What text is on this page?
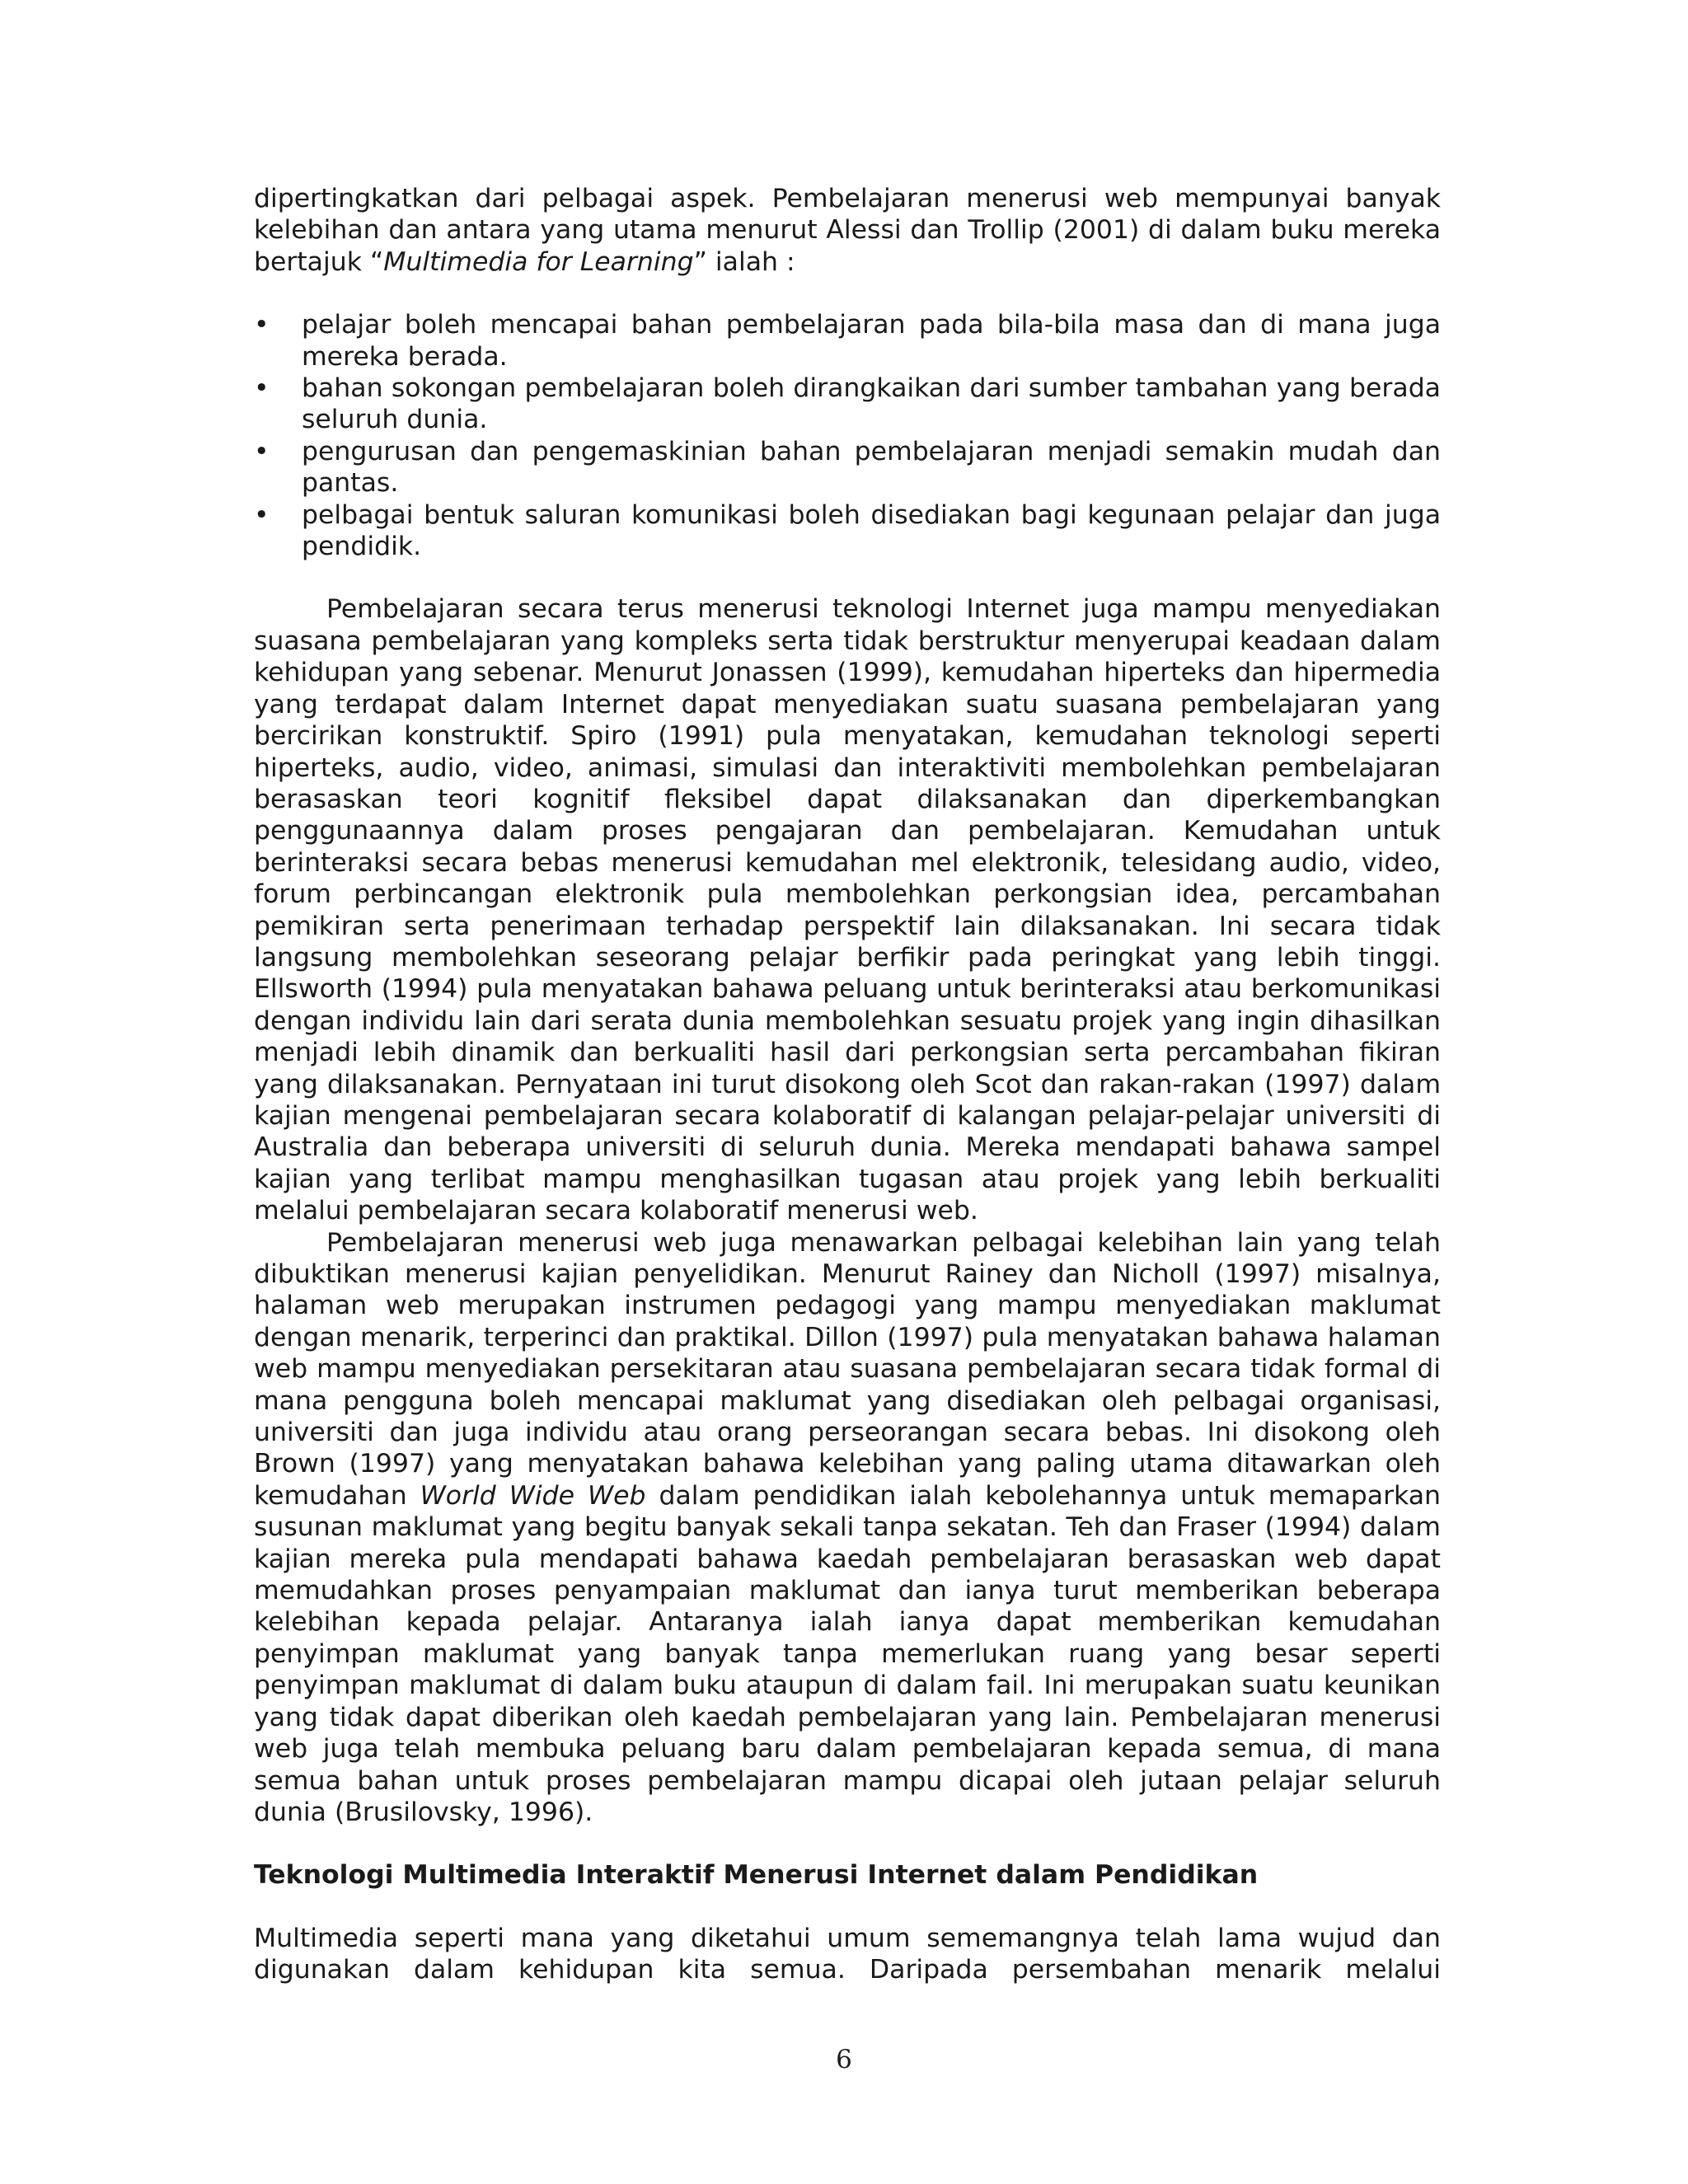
dipertingkatkan dari pelbagai aspek. Pembelajaran menerusi web mempunyai banyak kelebihan dan antara yang utama menurut Alessi dan Trollip (2001) di dalam buku mereka bertajuk “Multimedia for Learning” ialah :

•	pelajar boleh mencapai bahan pembelajaran pada bila-bila masa dan di mana juga mereka berada.
•	bahan sokongan pembelajaran boleh dirangkaikan dari sumber tambahan yang berada seluruh dunia.
•	pengurusan dan pengemaskinian bahan pembelajaran menjadi semakin mudah dan pantas.
•	pelbagai bentuk saluran komunikasi boleh disediakan bagi kegunaan pelajar dan juga pendidik.

Pembelajaran secara terus menerusi teknologi Internet juga mampu menyediakan suasana pembelajaran yang kompleks serta tidak berstruktur menyerupai keadaan dalam kehidupan yang sebenar. Menurut Jonassen (1999), kemudahan hiperteks dan hipermedia yang terdapat dalam Internet dapat menyediakan suatu suasana pembelajaran yang bercirikan konstruktif. Spiro (1991) pula menyatakan, kemudahan teknologi seperti hiperteks, audio, video, animasi, simulasi dan interaktiviti membolehkan pembelajaran berasaskan teori kognitif fleksibel dapat dilaksanakan dan diperkembangkan penggunaannya dalam proses pengajaran dan pembelajaran. Kemudahan untuk berinteraksi secara bebas menerusi kemudahan mel elektronik, telesidang audio, video, forum perbincangan elektronik pula membolehkan perkongsian idea, percambahan pemikiran serta penerimaan terhadap perspektif lain dilaksanakan. Ini secara tidak langsung membolehkan seseorang pelajar berfikir pada peringkat yang lebih tinggi. Ellsworth (1994) pula menyatakan bahawa peluang untuk berinteraksi atau berkomunikasi dengan individu lain dari serata dunia membolehkan sesuatu projek yang ingin dihasilkan menjadi lebih dinamik dan berkualiti hasil dari perkongsian serta percambahan fikiran yang dilaksanakan. Pernyataan ini turut disokong oleh Scot dan rakan-rakan (1997) dalam kajian mengenai pembelajaran secara kolaboratif di kalangan pelajar-pelajar universiti di Australia dan beberapa universiti di seluruh dunia. Mereka mendapati bahawa sampel kajian yang terlibat mampu menghasilkan tugasan atau projek yang lebih berkualiti melalui pembelajaran secara kolaboratif menerusi web.

Pembelajaran menerusi web juga menawarkan pelbagai kelebihan lain yang telah dibuktikan menerusi kajian penyelidikan. Menurut Rainey dan Nicholl (1997) misalnya, halaman web merupakan instrumen pedagogi yang mampu menyediakan maklumat dengan menarik, terperinci dan praktikal. Dillon (1997) pula menyatakan bahawa halaman web mampu menyediakan persekitaran atau suasana pembelajaran secara tidak formal di mana pengguna boleh mencapai maklumat yang disediakan oleh pelbagai organisasi, universiti dan juga individu atau orang perseorangan secara bebas. Ini disokong oleh Brown (1997) yang menyatakan bahawa kelebihan yang paling utama ditawarkan oleh kemudahan World Wide Web dalam pendidikan ialah kebolehannya untuk memaparkan susunan maklumat yang begitu banyak sekali tanpa sekatan. Teh dan Fraser (1994) dalam kajian mereka pula mendapati bahawa kaedah pembelajaran berasaskan web dapat memudahkan proses penyampaian maklumat dan ianya turut memberikan beberapa kelebihan kepada pelajar. Antaranya ialah ianya dapat memberikan kemudahan penyimpan maklumat yang banyak tanpa memerlukan ruang yang besar seperti penyimpan maklumat di dalam buku ataupun di dalam fail. Ini merupakan suatu keunikan yang tidak dapat diberikan oleh kaedah pembelajaran yang lain. Pembelajaran menerusi web juga telah membuka peluang baru dalam pembelajaran kepada semua, di mana semua bahan untuk proses pembelajaran mampu dicapai oleh jutaan pelajar seluruh dunia (Brusilovsky, 1996).

Teknologi Multimedia Interaktif Menerusi Internet dalam Pendidikan

Multimedia seperti mana yang diketahui umum sememangnya telah lama wujud dan digunakan dalam kehidupan kita semua. Daripada persembahan menarik melalui

6
